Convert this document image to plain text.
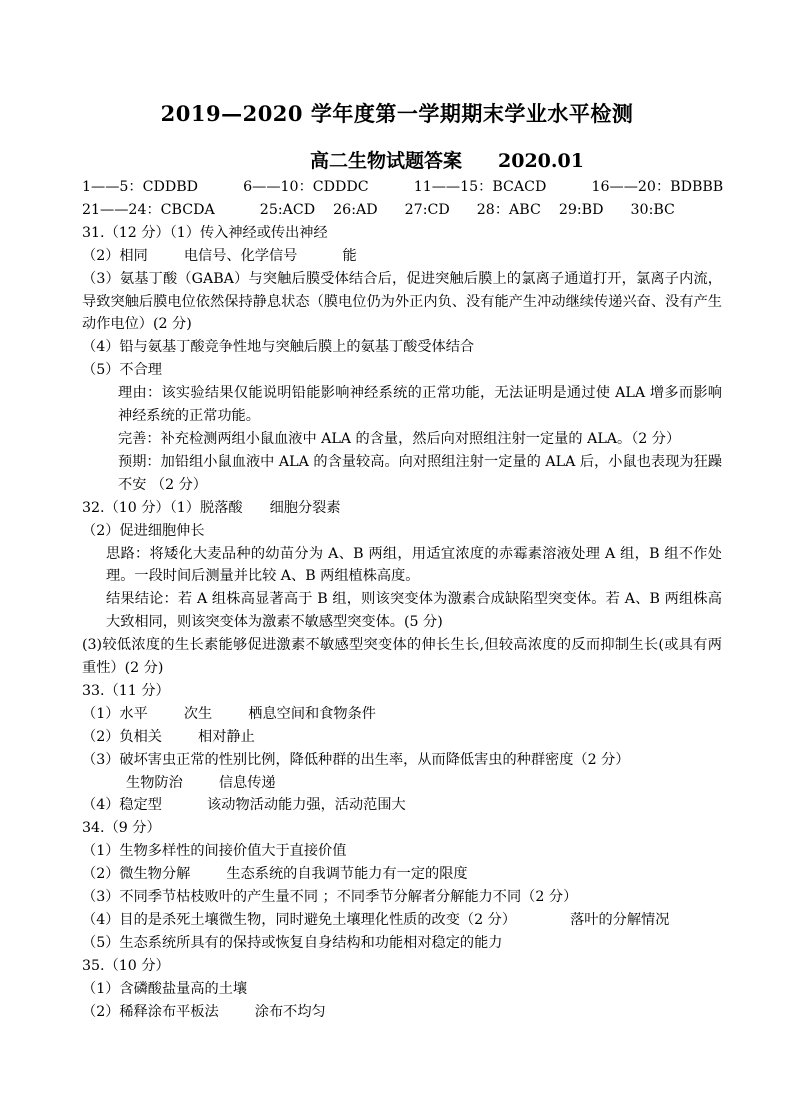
2019—2020 学年度第一学期期末学业水平检测
高二生物试题答案 2020.01
1——5：CDDBD          6——10：CDDDC          11——15：BCACD          16——20：BDBBB
21——24：CBCDA          25:ACD    26:AD      27:CD      28：ABC    29:BD      30:BC
31.（12 分）（1）传入神经或传出神经
（2）相同        电信号、化学信号          能
（3）氨基丁酸（GABA）与突触后膜受体结合后，促进突触后膜上的氯离子通道打开，氯离子内流，导致突触后膜电位依然保持静息状态（膜电位仍为外正内负、没有能产生冲动继续传递兴奋、没有产生动作电位）(2 分)
（4）铅与氨基丁酸竞争性地与突触后膜上的氨基丁酸受体结合
（5）不合理
理由：该实验结果仅能说明铅能影响神经系统的正常功能，无法证明是通过使 ALA 增多而影响神经系统的正常功能。
完善：补充检测两组小鼠血液中 ALA 的含量，然后向对照组注射一定量的 ALA。（2 分）
预期：加铅组小鼠血液中 ALA 的含量较高。向对照组注射一定量的 ALA 后，小鼠也表现为狂躁不安 （2 分）
32.（10 分）（1）脱落酸      细胞分裂素
（2）促进细胞伸长
思路：将矮化大麦品种的幼苗分为 A、B 两组，用适宜浓度的赤霉素溶液处理 A 组，B 组不作处理。一段时间后测量并比较 A、B 两组植株高度。
结果结论：若 A 组株高显著高于 B 组，则该突变体为激素合成缺陷型突变体。若 A、B 两组株高大致相同，则该突变体为激素不敏感型突变体。(5 分)
(3)较低浓度的生长素能够促进激素不敏感型突变体的伸长生长,但较高浓度的反而抑制生长(或具有两重性）(2 分)
33.（11 分）
（1）水平        次生        栖息空间和食物条件
（2）负相关        相对静止
（3）破坏害虫正常的性别比例，降低种群的出生率，从而降低害虫的种群密度（2 分）
生物防治        信息传递
（4）稳定型          该动物活动能力强，活动范围大
34.（9 分）
（1）生物多样性的间接价值大于直接价值
（2）微生物分解        生态系统的自我调节能力有一定的限度
（3）不同季节枯枝败叶的产生量不同 ；不同季节分解者分解能力不同（2 分）
（4）目的是杀死土壤微生物，同时避免土壤理化性质的改变（2 分）            落叶的分解情况
（5）生态系统所具有的保持或恢复自身结构和功能相对稳定的能力
35.（10 分）
（1）含磷酸盐量高的土壤
（2）稀释涂布平板法        涂布不均匀
